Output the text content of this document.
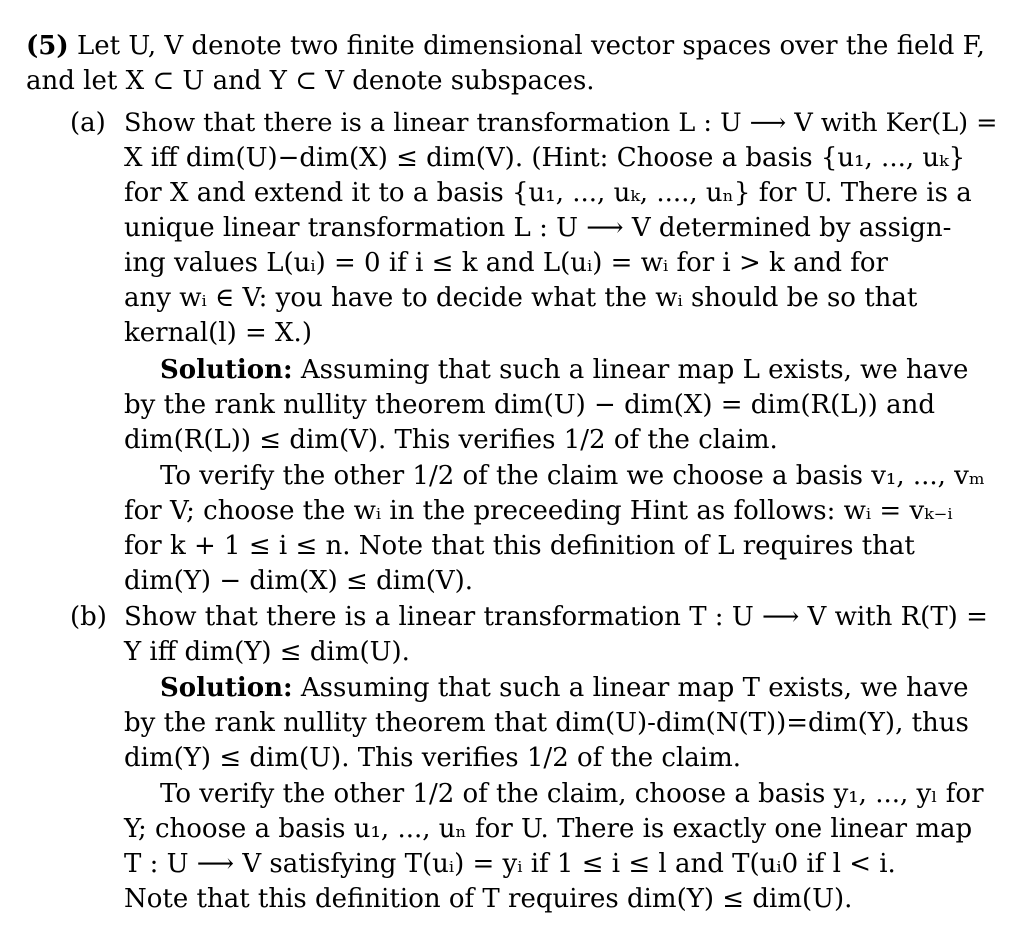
(5) Let U, V denote two finite dimensional vector spaces over the field F,

and let X ⊂ U and Y ⊂ V denote subspaces.

(a) Show that there is a linear transformation L : U ⟶ V with Ker(L) =

X iff dim(U)−dim(X) ≤ dim(V). (Hint: Choose a basis {u₁, ..., uₖ}

for X and extend it to a basis {u₁, ..., uₖ, ...., uₙ} for U. There is a

unique linear transformation L : U ⟶ V determined by assign-

ing values L(uᵢ) = 0 if i ≤ k and L(uᵢ) = wᵢ for i > k and for

any wᵢ ∈ V: you have to decide what the wᵢ should be so that

kernal(l) = X.)

Solution: Assuming that such a linear map L exists, we have

by the rank nullity theorem dim(U) − dim(X) = dim(R(L)) and

dim(R(L)) ≤ dim(V). This verifies 1/2 of the claim.

To verify the other 1/2 of the claim we choose a basis v₁, ..., vₘ

for V; choose the wᵢ in the preceeding Hint as follows: wᵢ = vₖ₋ᵢ

for k + 1 ≤ i ≤ n. Note that this definition of L requires that

dim(Y) − dim(X) ≤ dim(V).

(b) Show that there is a linear transformation T : U ⟶ V with R(T) =

Y iff dim(Y) ≤ dim(U).

Solution: Assuming that such a linear map T exists, we have

by the rank nullity theorem that dim(U)-dim(N(T))=dim(Y), thus

dim(Y) ≤ dim(U). This verifies 1/2 of the claim.

To verify the other 1/2 of the claim, choose a basis y₁, ..., yₗ for

Y; choose a basis u₁, ..., uₙ for U. There is exactly one linear map

T : U ⟶ V satisfying T(uᵢ) = yᵢ if 1 ≤ i ≤ l and T(uᵢ0 if l < i.

Note that this definition of T requires dim(Y) ≤ dim(U).
